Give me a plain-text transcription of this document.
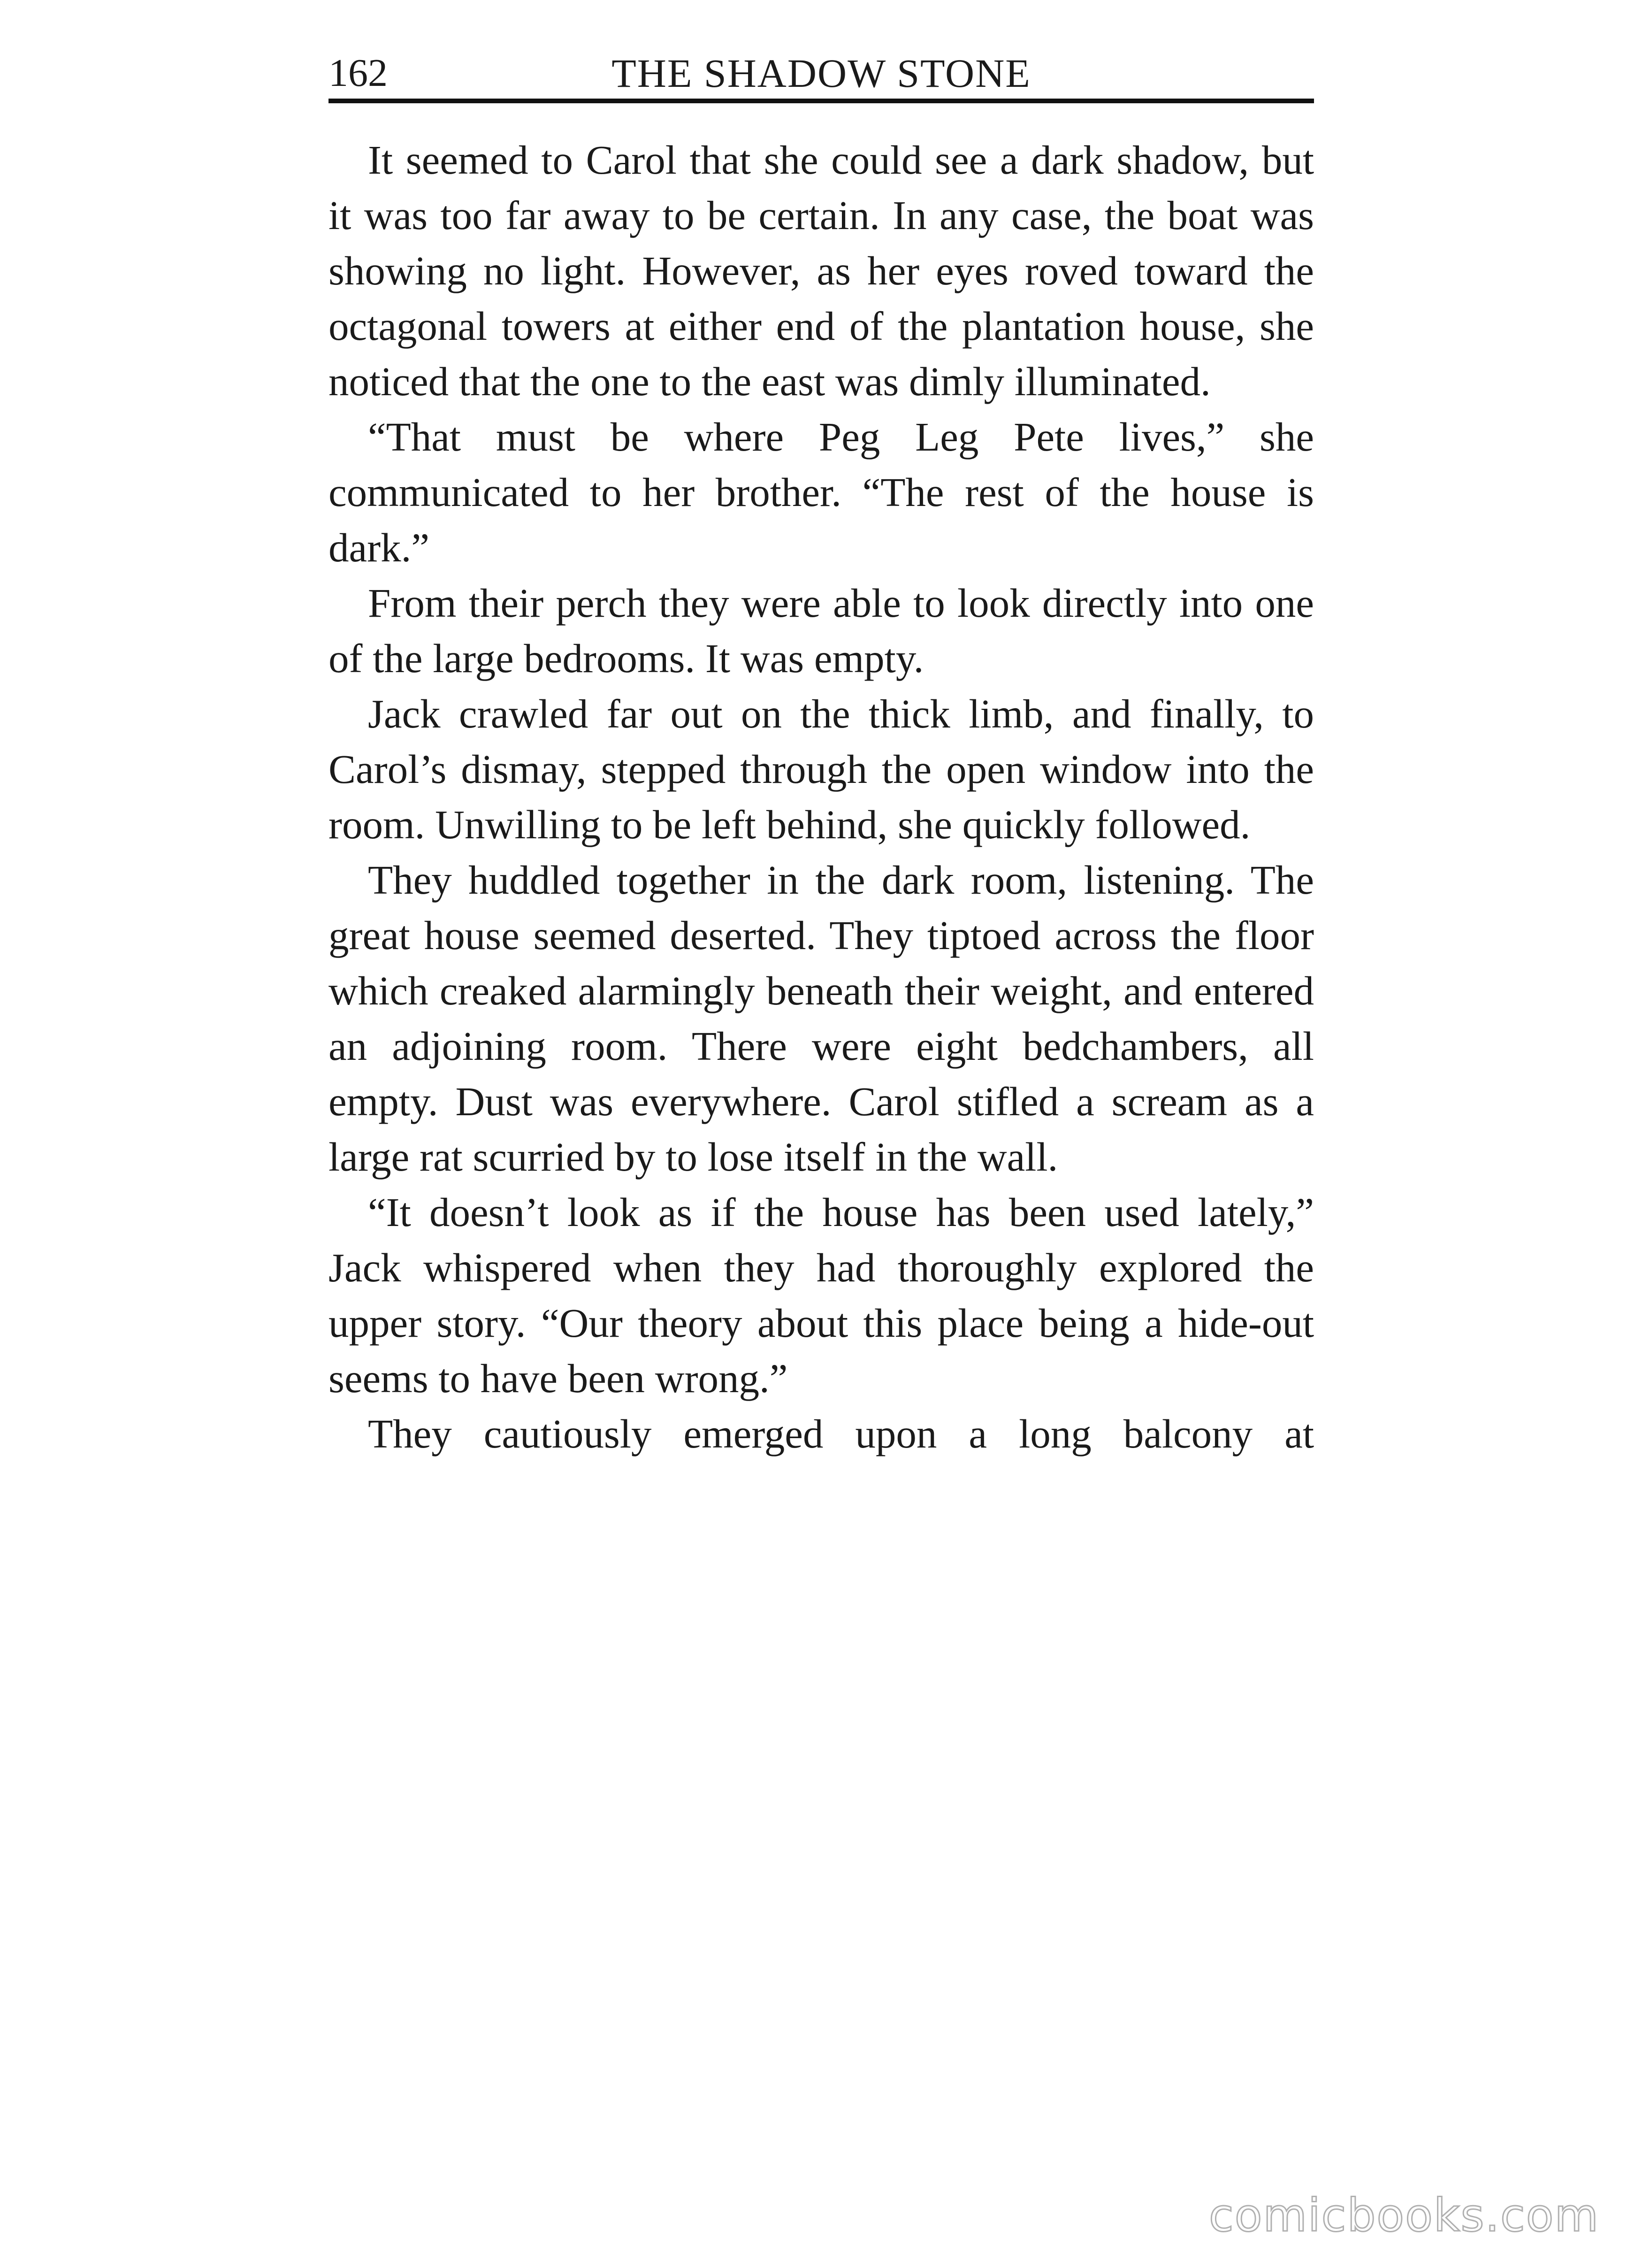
162	THE SHADOW STONE

It seemed to Carol that she could see a dark shadow, but it was too far away to be certain. In any case, the boat was showing no light. However, as her eyes roved toward the octagonal towers at either end of the plantation house, she noticed that the one to the east was dimly illuminated.

“That must be where Peg Leg Pete lives,” she communicated to her brother. “The rest of the house is dark.”

From their perch they were able to look directly into one of the large bedrooms. It was empty.

Jack crawled far out on the thick limb, and finally, to Carol’s dismay, stepped through the open window into the room. Unwilling to be left behind, she quickly followed.

They huddled together in the dark room, listening. The great house seemed deserted. They tiptoed across the floor which creaked alarmingly beneath their weight, and entered an adjoining room. There were eight bedchambers, all empty. Dust was everywhere. Carol stifled a scream as a large rat scurried by to lose itself in the wall.

“It doesn’t look as if the house has been used lately,” Jack whispered when they had thoroughly explored the upper story. “Our theory about this place being a hide-out seems to have been wrong.”

They cautiously emerged upon a long balcony at

comicbooks.com
